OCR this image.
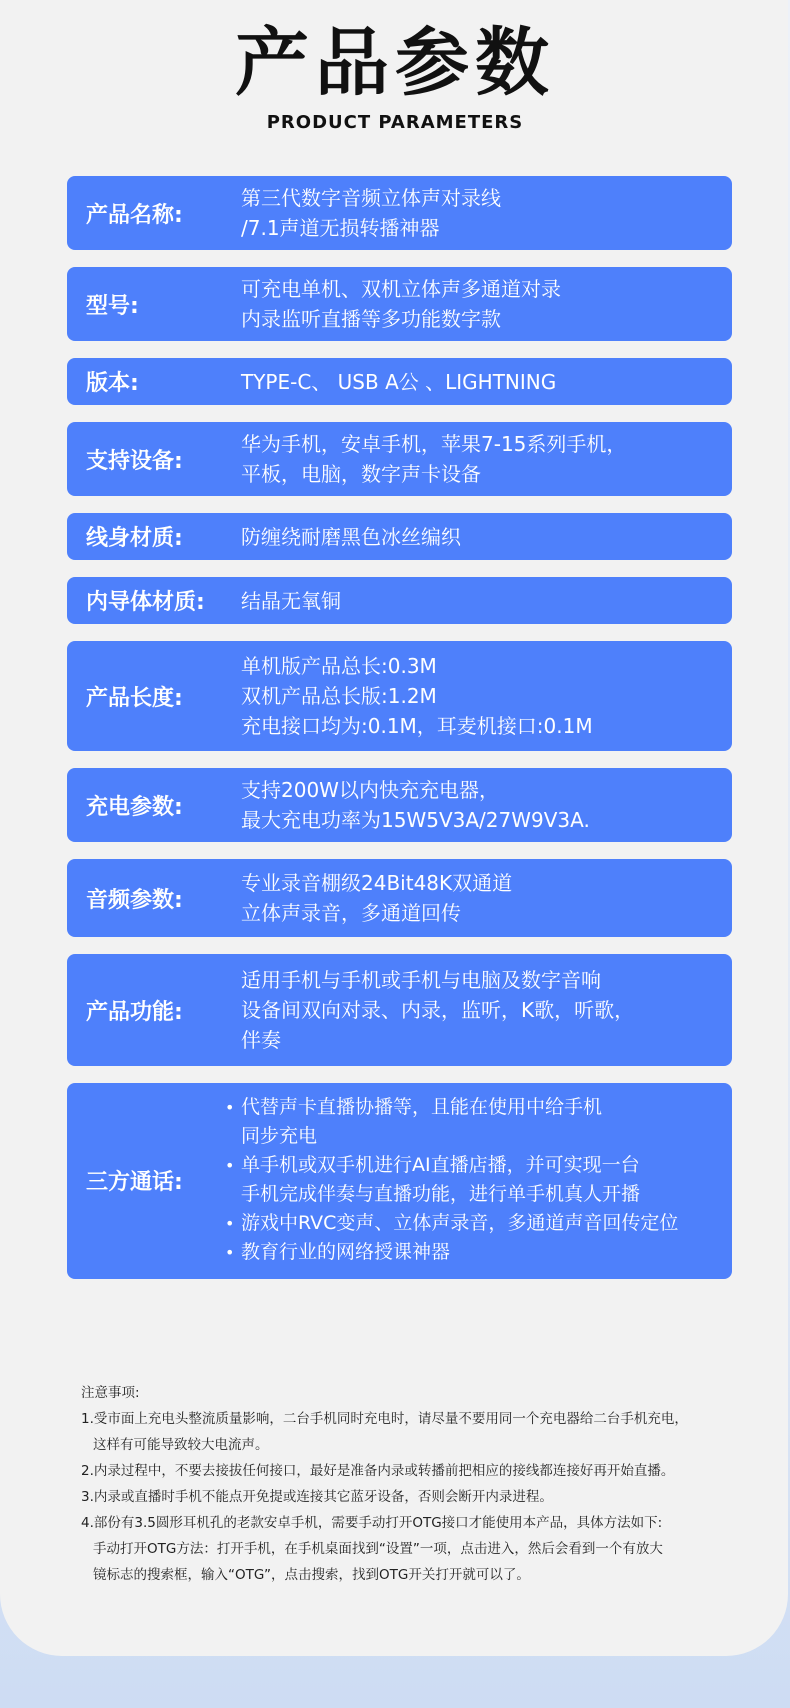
产品参数
PRODUCT PARAMETERS
产品名称:
第三代数字音频立体声对录线
/7.1声道无损转播神器
型号:
可充电单机、双机立体声多通道对录
内录监听直播等多功能数字款
版本:	TYPE-C、 USB A公 、LIGHTNING
支持设备:
华为手机，安卓手机，苹果7-15系列手机，
平板，电脑，数字声卡设备
线身材质:	防缠绕耐磨黑色冰丝编织
内导体材质:	结晶无氧铜
产品长度:
单机版产品总长:0.3M
双机产品总长版:1.2M
充电接口均为:0.1M，耳麦机接口:0.1M
充电参数:
支持200W以内快充充电器，
最大充电功率为15W5V3A/27W9V3A.
音频参数:
专业录音棚级24Bit48K双通道
立体声录音，多通道回传
产品功能:
适用手机与手机或手机与电脑及数字音响
设备间双向对录、内录，监听，K歌，听歌，
伴奏
三方通话:
• 代替声卡直播协播等，且能在使用中给手机
同步充电
• 单手机或双手机进行AI直播店播，并可实现一台
手机完成伴奏与直播功能，进行单手机真人开播
• 游戏中RVC变声、立体声录音，多通道声音回传定位
• 教育行业的网络授课神器
注意事项:
1.受市面上充电头整流质量影响，二台手机同时充电时，请尽量不要用同一个充电器给二台手机充电，
这样有可能导致较大电流声。
2.内录过程中，不要去接拔任何接口，最好是准备内录或转播前把相应的接线都连接好再开始直播。
3.内录或直播时手机不能点开免提或连接其它蓝牙设备，否则会断开内录进程。
4.部份有3.5圆形耳机孔的老款安卓手机，需要手动打开OTG接口才能使用本产品，具体方法如下:
手动打开OTG方法：打开手机，在手机桌面找到“设置”一项，点击进入，然后会看到一个有放大
镜标志的搜索框，输入“OTG”，点击搜索，找到OTG开关打开就可以了。
